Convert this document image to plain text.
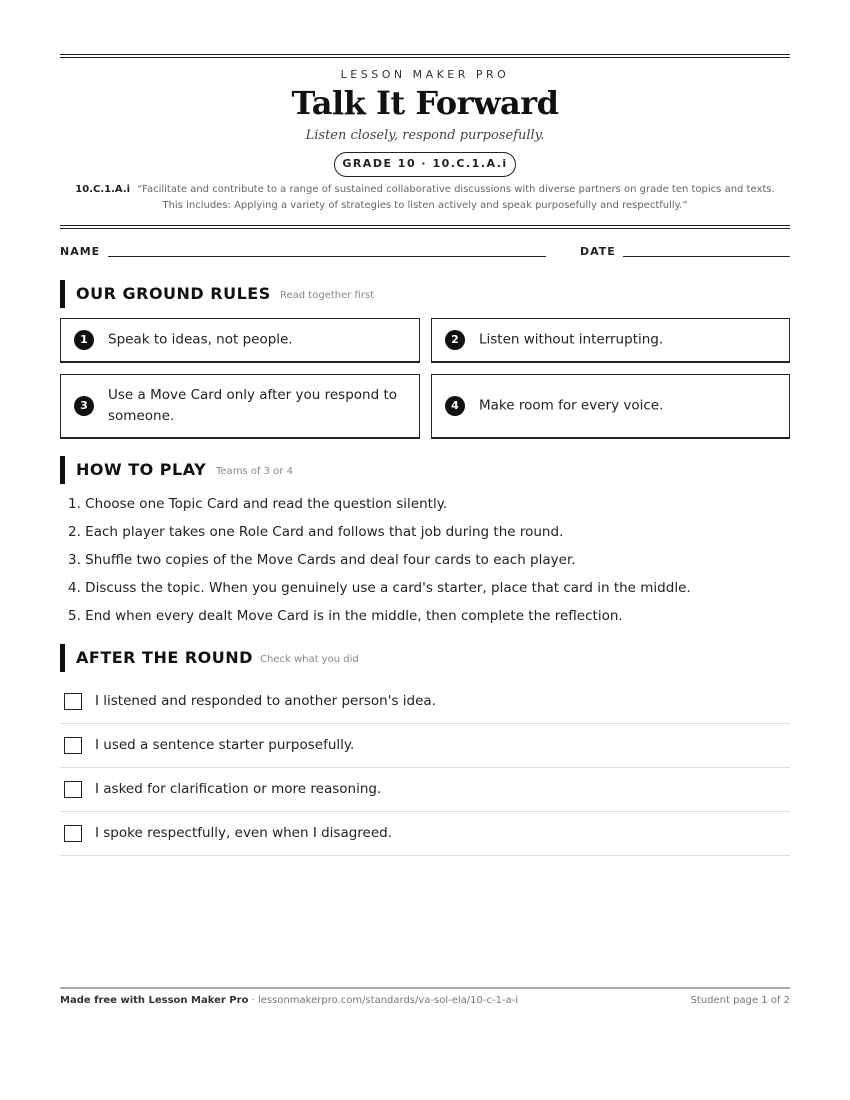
LESSON MAKER PRO
Talk It Forward
Listen closely, respond purposefully.
GRADE 10 · 10.C.1.A.i
10.C.1.A.i “Facilitate and contribute to a range of sustained collaborative discussions with diverse partners on grade ten topics and texts. This includes: Applying a variety of strategies to listen actively and speak purposefully and respectfully.”
NAME	DATE
OUR GROUND RULES Read together first
1	Speak to ideas, not people.	2	Listen without interrupting.
3
Use a Move Card only after you respond to someone.
4	Make room for every voice.
HOW TO PLAY Teams of 3 or 4
1. Choose one Topic Card and read the question silently.
2. Each player takes one Role Card and follows that job during the round.
3. Shuffle two copies of the Move Cards and deal four cards to each player.
4. Discuss the topic. When you genuinely use a card's starter, place that card in the middle.
5. End when every dealt Move Card is in the middle, then complete the reflection.
AFTER THE ROUND Check what you did
I listened and responded to another person's idea.
I used a sentence starter purposefully.
I asked for clarification or more reasoning.
I spoke respectfully, even when I disagreed.
Made free with Lesson Maker Pro · lessonmakerpro.com/standards/va-sol-ela/10-c-1-a-i	Student page 1 of 2
